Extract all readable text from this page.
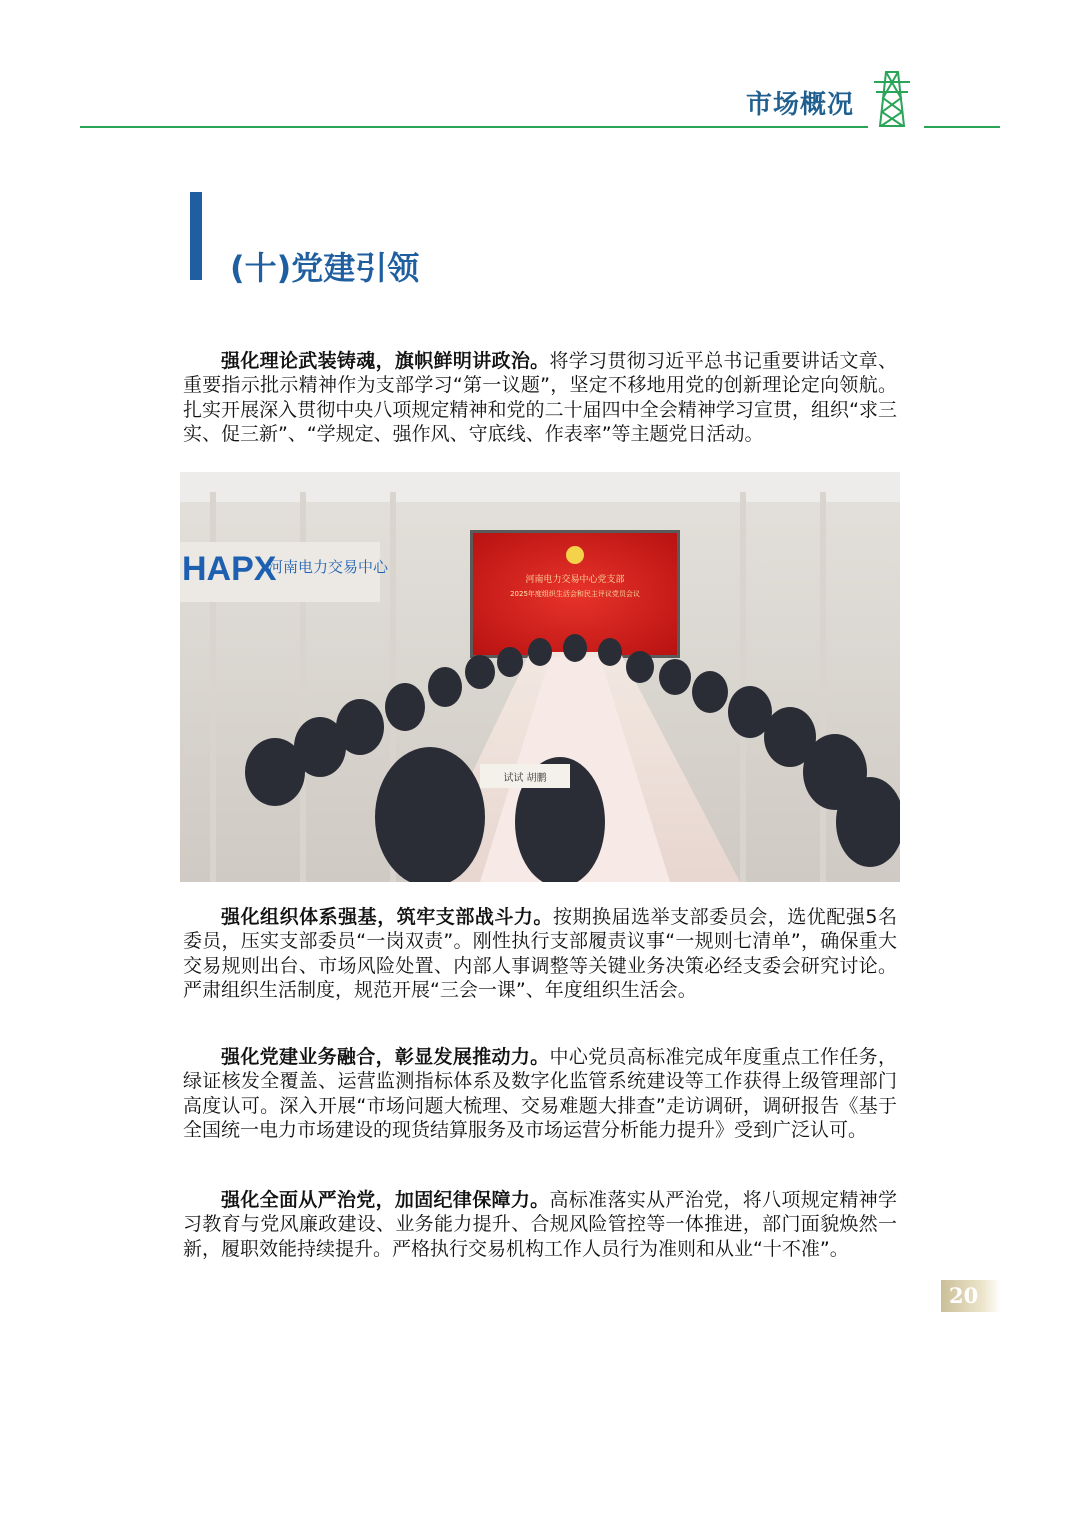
市场概况
(十)党建引领

强化理论武装铸魂，旗帜鲜明讲政治。将学习贯彻习近平总书记重要讲话文章、重要指示批示精神作为支部学习“第一议题”，坚定不移地用党的创新理论定向领航。扎实开展深入贯彻中央八项规定精神和党的二十届四中全会精神学习宣贯，组织“求三实、促三新”、“学规定、强作风、守底线、作表率”等主题党日活动。

HAPX
河南电力交易中心
河南电力交易中心党支部
2025年度组织生活会和民主评议党员会议
试试 胡鹏

强化组织体系强基，筑牢支部战斗力。按期换届选举支部委员会，选优配强5名委员，压实支部委员“一岗双责”。刚性执行支部履责议事“一规则七清单”，确保重大交易规则出台、市场风险处置、内部人事调整等关键业务决策必经支委会研究讨论。严肃组织生活制度，规范开展“三会一课”、年度组织生活会。

强化党建业务融合，彰显发展推动力。中心党员高标准完成年度重点工作任务，绿证核发全覆盖、运营监测指标体系及数字化监管系统建设等工作获得上级管理部门高度认可。深入开展“市场问题大梳理、交易难题大排查”走访调研，调研报告《基于全国统一电力市场建设的现货结算服务及市场运营分析能力提升》受到广泛认可。

强化全面从严治党，加固纪律保障力。高标准落实从严治党，将八项规定精神学习教育与党风廉政建设、业务能力提升、合规风险管控等一体推进，部门面貌焕然一新，履职效能持续提升。严格执行交易机构工作人员行为准则和从业“十不准”。

20
